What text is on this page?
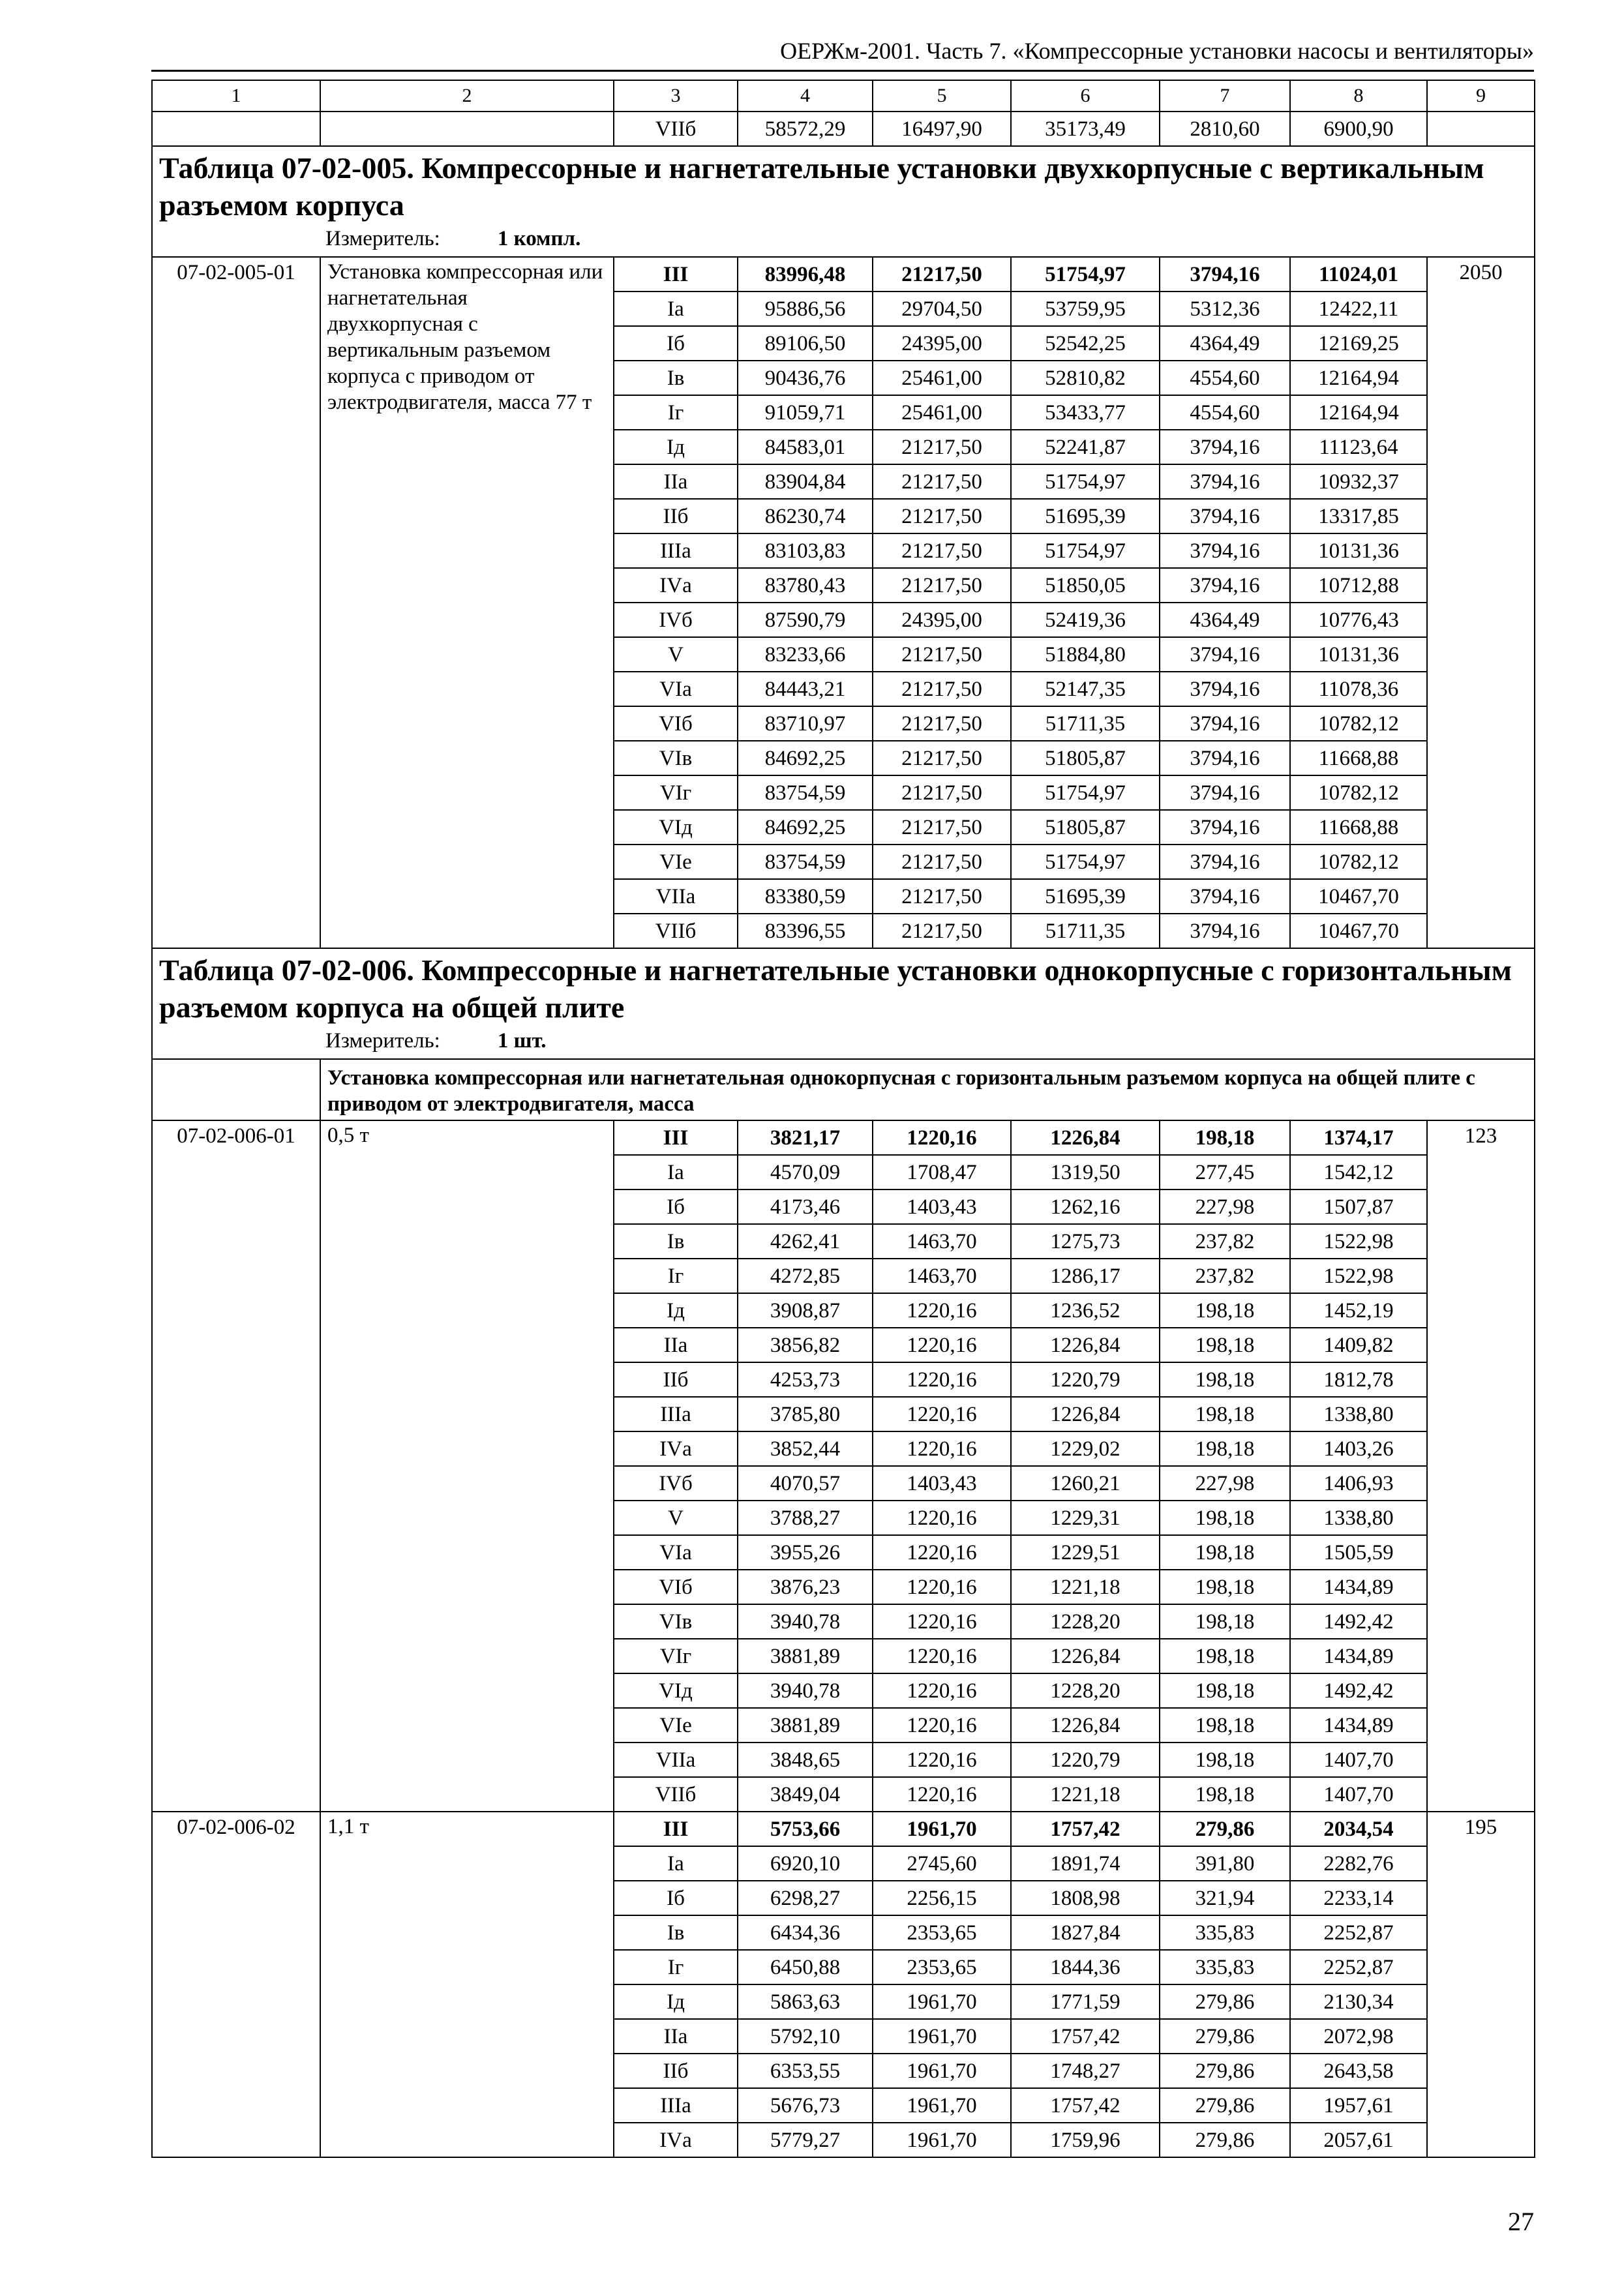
ОЕРЖм-2001. Часть 7. «Компрессорные установки насосы и вентиляторы»
1	2	3	4	5	6	7	8	9
		VIIб	58572,29	16497,90	35173,49	2810,60	6900,90	

Таблица 07-02-005. Компрессорные и нагнетательные установки двухкорпусные с вертикальным разъемом корпуса
Измеритель: 1 компл.								

07-02-005-01	Установка компрессорная или нагнетательная двухкорпусная с вертикальным разъемом корпуса с приводом от электродвигателя, масса 77 т	III	83996,48	21217,50	51754,97	3794,16	11024,01	2050
		Iа	95886,56	29704,50	53759,95	5312,36	12422,11	
		Iб	89106,50	24395,00	52542,25	4364,49	12169,25	
		Iв	90436,76	25461,00	52810,82	4554,60	12164,94	
		Iг	91059,71	25461,00	53433,77	4554,60	12164,94	
		Iд	84583,01	21217,50	52241,87	3794,16	11123,64	
		IIа	83904,84	21217,50	51754,97	3794,16	10932,37	
		IIб	86230,74	21217,50	51695,39	3794,16	13317,85	
		IIIа	83103,83	21217,50	51754,97	3794,16	10131,36	
		IVа	83780,43	21217,50	51850,05	3794,16	10712,88	
		IVб	87590,79	24395,00	52419,36	4364,49	10776,43	
		V	83233,66	21217,50	51884,80	3794,16	10131,36	
		VIа	84443,21	21217,50	52147,35	3794,16	11078,36	
		VIб	83710,97	21217,50	51711,35	3794,16	10782,12	
		VIв	84692,25	21217,50	51805,87	3794,16	11668,88	
		VIг	83754,59	21217,50	51754,97	3794,16	10782,12	
		VIд	84692,25	21217,50	51805,87	3794,16	11668,88	
		VIе	83754,59	21217,50	51754,97	3794,16	10782,12	
		VIIа	83380,59	21217,50	51695,39	3794,16	10467,70	
		VIIб	83396,55	21217,50	51711,35	3794,16	10467,70	

Таблица 07-02-006. Компрессорные и нагнетательные установки однокорпусные с горизонтальным разъемом корпуса на общей плите
Измеритель: 1 шт.								

	Установка компрессорная или нагнетательная однокорпусная с горизонтальным разъемом корпуса на общей плите с приводом от электродвигателя, масса							
07-02-006-01	0,5 т	III	3821,17	1220,16	1226,84	198,18	1374,17	123
		Iа	4570,09	1708,47	1319,50	277,45	1542,12	
		Iб	4173,46	1403,43	1262,16	227,98	1507,87	
		Iв	4262,41	1463,70	1275,73	237,82	1522,98	
		Iг	4272,85	1463,70	1286,17	237,82	1522,98	
		Iд	3908,87	1220,16	1236,52	198,18	1452,19	
		IIа	3856,82	1220,16	1226,84	198,18	1409,82	
		IIб	4253,73	1220,16	1220,79	198,18	1812,78	
		IIIа	3785,80	1220,16	1226,84	198,18	1338,80	
		IVа	3852,44	1220,16	1229,02	198,18	1403,26	
		IVб	4070,57	1403,43	1260,21	227,98	1406,93	
		V	3788,27	1220,16	1229,31	198,18	1338,80	
		VIа	3955,26	1220,16	1229,51	198,18	1505,59	
		VIб	3876,23	1220,16	1221,18	198,18	1434,89	
		VIв	3940,78	1220,16	1228,20	198,18	1492,42	
		VIг	3881,89	1220,16	1226,84	198,18	1434,89	
		VIд	3940,78	1220,16	1228,20	198,18	1492,42	
		VIе	3881,89	1220,16	1226,84	198,18	1434,89	
		VIIа	3848,65	1220,16	1220,79	198,18	1407,70	
		VIIб	3849,04	1220,16	1221,18	198,18	1407,70	
07-02-006-02	1,1 т	III	5753,66	1961,70	1757,42	279,86	2034,54	195
		Iа	6920,10	2745,60	1891,74	391,80	2282,76	
		Iб	6298,27	2256,15	1808,98	321,94	2233,14	
		Iв	6434,36	2353,65	1827,84	335,83	2252,87	
		Iг	6450,88	2353,65	1844,36	335,83	2252,87	
		Iд	5863,63	1961,70	1771,59	279,86	2130,34	
		IIа	5792,10	1961,70	1757,42	279,86	2072,98	
		IIб	6353,55	1961,70	1748,27	279,86	2643,58	
		IIIа	5676,73	1961,70	1757,42	279,86	1957,61	
		IVа	5779,27	1961,70	1759,96	279,86	2057,61	
27
